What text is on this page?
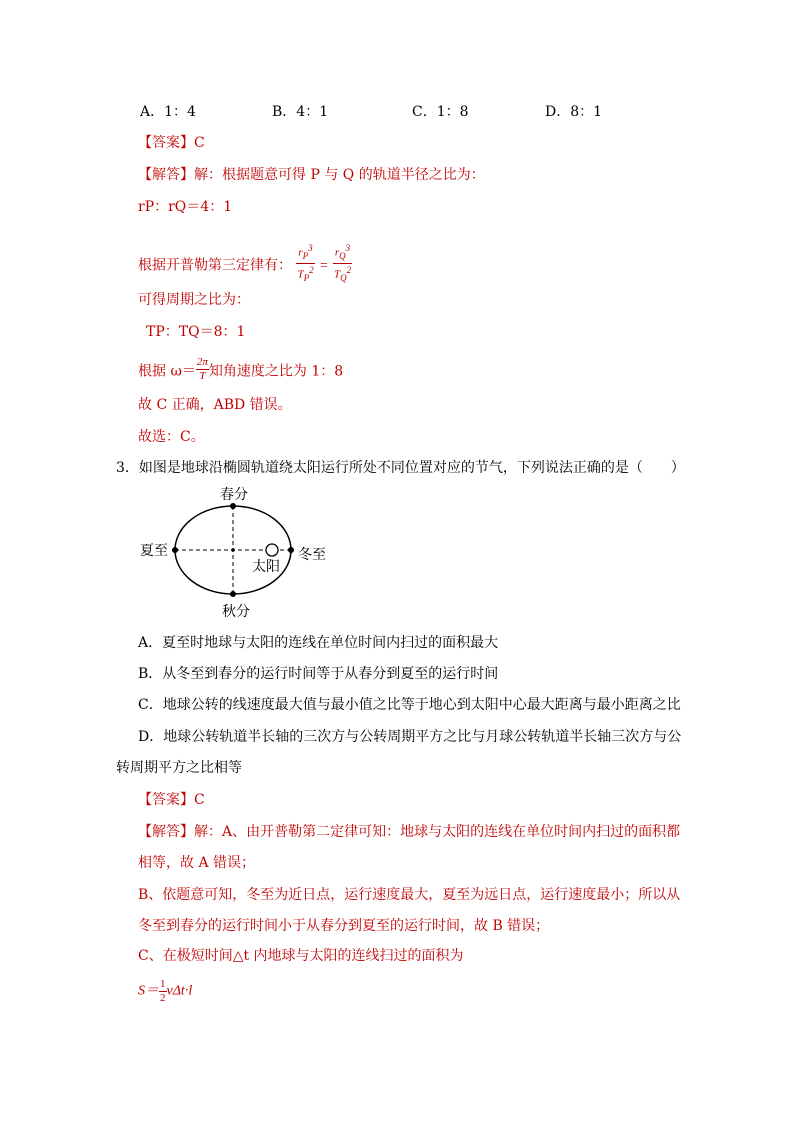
A．1：4	B．4：1	C．1：8	D．8：1
【答案】C
【解答】解：根据题意可得 P 与 Q 的轨道半径之比为：
rP：rQ＝4：1
根据开普勒第三定律有： $\frac{r_P^3}{T_P^2} = \frac{r_Q^3}{T_Q^2}$
可得周期之比为：
TP：TQ＝8：1
根据 $\omega= \frac{2\pi}{T}$ 知角速度之比为 1：8
故 C 正确，ABD 错误。
故选：C。
3．如图是地球沿椭圆轨道绕太阳运行所处不同位置对应的节气，下列说法正确的是（　　）
春分
夏至	冬至
太阳
秋分
A．夏至时地球与太阳的连线在单位时间内扫过的面积最大
B．从冬至到春分的运行时间等于从春分到夏至的运行时间
C．地球公转的线速度最大值与最小值之比等于地心到太阳中心最大距离与最小距离之比
D．地球公转轨道半长轴的三次方与公转周期平方之比与月球公转轨道半长轴三次方与公
转周期平方之比相等
【答案】C
【解答】解：A、由开普勒第二定律可知：地球与太阳的连线在单位时间内扫过的面积都
相等，故 A 错误；
B、依题意可知，冬至为近日点，运行速度最大，夏至为远日点，运行速度最小；所以从
冬至到春分的运行时间小于从春分到夏至的运行时间，故 B 错误；
C、在极短时间△t 内地球与太阳的连线扫过的面积为
$S= \frac{1}{2} v\Delta t\cdot l$
